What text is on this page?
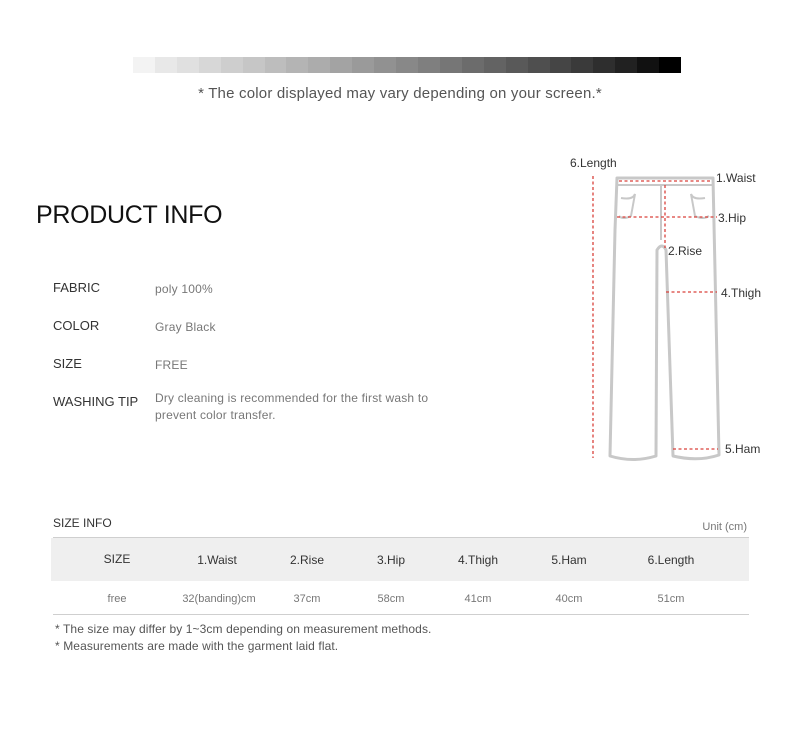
* The color displayed may vary depending on your screen.*
PRODUCT INFO
FABRIC	poly 100%
COLOR	Gray Black
SIZE	FREE
WASHING TIP Dry cleaning is recommended for the first wash to prevent color transfer.
6.Length
1.Waist
3.Hip
2.Rise
4.Thigh
5.Ham
SIZE INFO	Unit (cm)
SIZE	1.Waist	2.Rise	3.Hip	4.Thigh	5.Ham	6.Length
free	32(banding)cm	37cm	58cm	41cm	40cm	51cm
* The size may differ by 1~3cm depending on measurement methods.
* Measurements are made with the garment laid flat.
